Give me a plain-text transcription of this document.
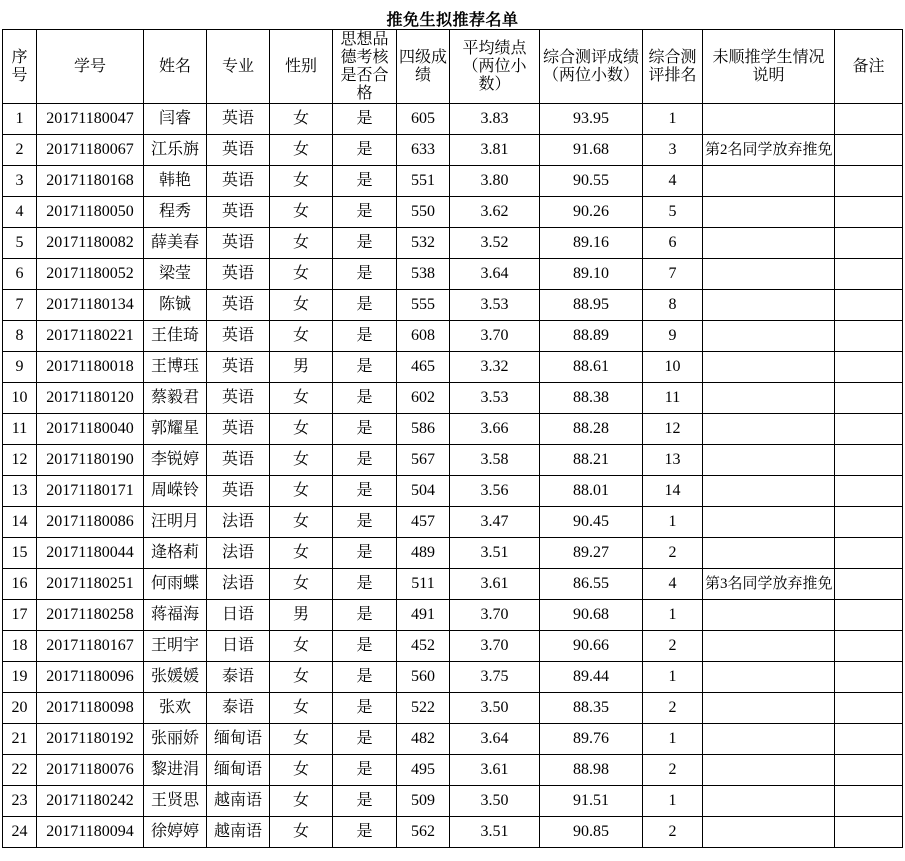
推免生拟推荐名单
序号	学号	姓名	专业	性别	思想品德考核是否合格	四级成绩	平均绩点（两位小数）	综合测评成绩（两位小数）	综合测评排名	未顺推学生情况说明	备注
1	20171180047	闫睿	英语	女	是	605	3.83	93.95	1		
2	20171180067	江乐旃	英语	女	是	633	3.81	91.68	3	第2名同学放弃推免	
3	20171180168	韩艳	英语	女	是	551	3.80	90.55	4		
4	20171180050	程秀	英语	女	是	550	3.62	90.26	5		
5	20171180082	薛美春	英语	女	是	532	3.52	89.16	6		
6	20171180052	梁莹	英语	女	是	538	3.64	89.10	7		
7	20171180134	陈铖	英语	女	是	555	3.53	88.95	8		
8	20171180221	王佳琦	英语	女	是	608	3.70	88.89	9		
9	20171180018	王博珏	英语	男	是	465	3.32	88.61	10		
10	20171180120	蔡毅君	英语	女	是	602	3.53	88.38	11		
11	20171180040	郭耀星	英语	女	是	586	3.66	88.28	12		
12	20171180190	李锐婷	英语	女	是	567	3.58	88.21	13		
13	20171180171	周嵘铃	英语	女	是	504	3.56	88.01	14		
14	20171180086	汪明月	法语	女	是	457	3.47	90.45	1		
15	20171180044	逄格莉	法语	女	是	489	3.51	89.27	2		
16	20171180251	何雨蝶	法语	女	是	511	3.61	86.55	4	第3名同学放弃推免	
17	20171180258	蒋福海	日语	男	是	491	3.70	90.68	1		
18	20171180167	王明宇	日语	女	是	452	3.70	90.66	2		
19	20171180096	张媛媛	泰语	女	是	560	3.75	89.44	1		
20	20171180098	张欢	泰语	女	是	522	3.50	88.35	2		
21	20171180192	张丽娇	缅甸语	女	是	482	3.64	89.76	1		
22	20171180076	黎进涓	缅甸语	女	是	495	3.61	88.98	2		
23	20171180242	王贤思	越南语	女	是	509	3.50	91.51	1		
24	20171180094	徐婷婷	越南语	女	是	562	3.51	90.85	2		
